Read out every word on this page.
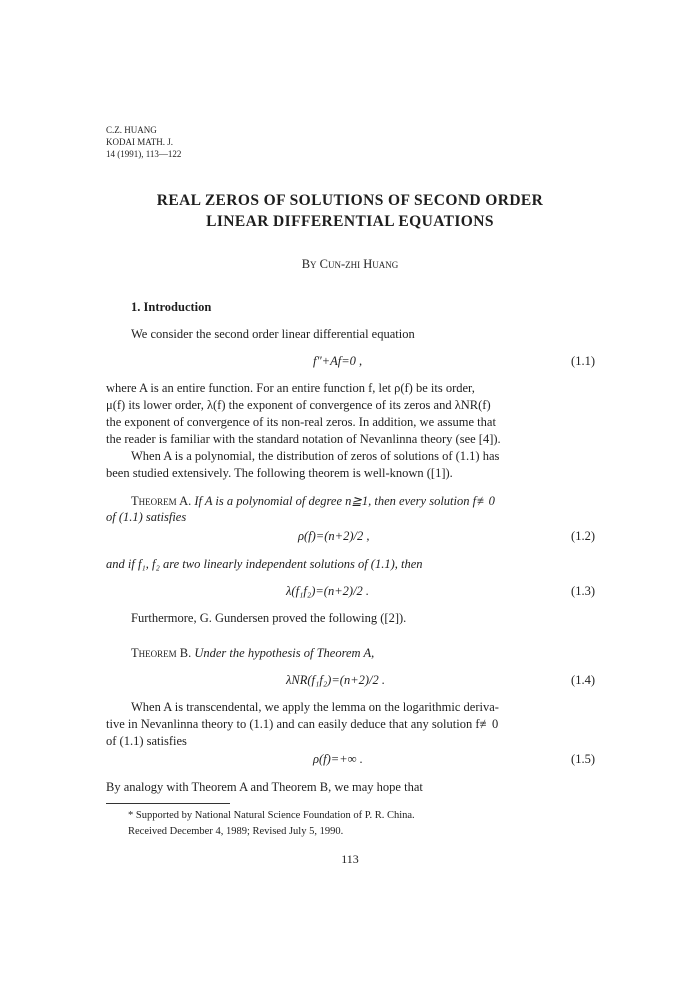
C.Z. HUANG
KODAI MATH. J.
14 (1991), 113—122
REAL ZEROS OF SOLUTIONS OF SECOND ORDER
LINEAR DIFFERENTIAL EQUATIONS
By Cun-zhi Huang
1. Introduction
We consider the second order linear differential equation
f″+Af=0 ,	(1.1)
where A is an entire function. For an entire function f, let ρ(f) be its order,
μ(f) its lower order, λ(f) the exponent of convergence of its zeros and λNR(f)
the exponent of convergence of its non-real zeros. In addition, we assume that
the reader is familiar with the standard notation of Nevanlinna theory (see [4]).
When A is a polynomial, the distribution of zeros of solutions of (1.1) has
been studied extensively. The following theorem is well-known ([1]).
Theorem A. If A is a polynomial of degree n≧1, then every solution f≢0
of (1.1) satisfies
ρ(f)=(n+2)/2 ,	(1.2)
and if f₁, f₂ are two linearly independent solutions of (1.1), then
λ(f₁f₂)=(n+2)/2 .	(1.3)
Furthermore, G. Gundersen proved the following ([2]).
Theorem B. Under the hypothesis of Theorem A,
λNR(f₁f₂)=(n+2)/2 .	(1.4)
When A is transcendental, we apply the lemma on the logarithmic deriva-
tive in Nevanlinna theory to (1.1) and can easily deduce that any solution f≢0
of (1.1) satisfies
ρ(f)=+∞ .	(1.5)
By analogy with Theorem A and Theorem B, we may hope that
* Supported by National Natural Science Foundation of P. R. China.
Received December 4, 1989; Revised July 5, 1990.
113
